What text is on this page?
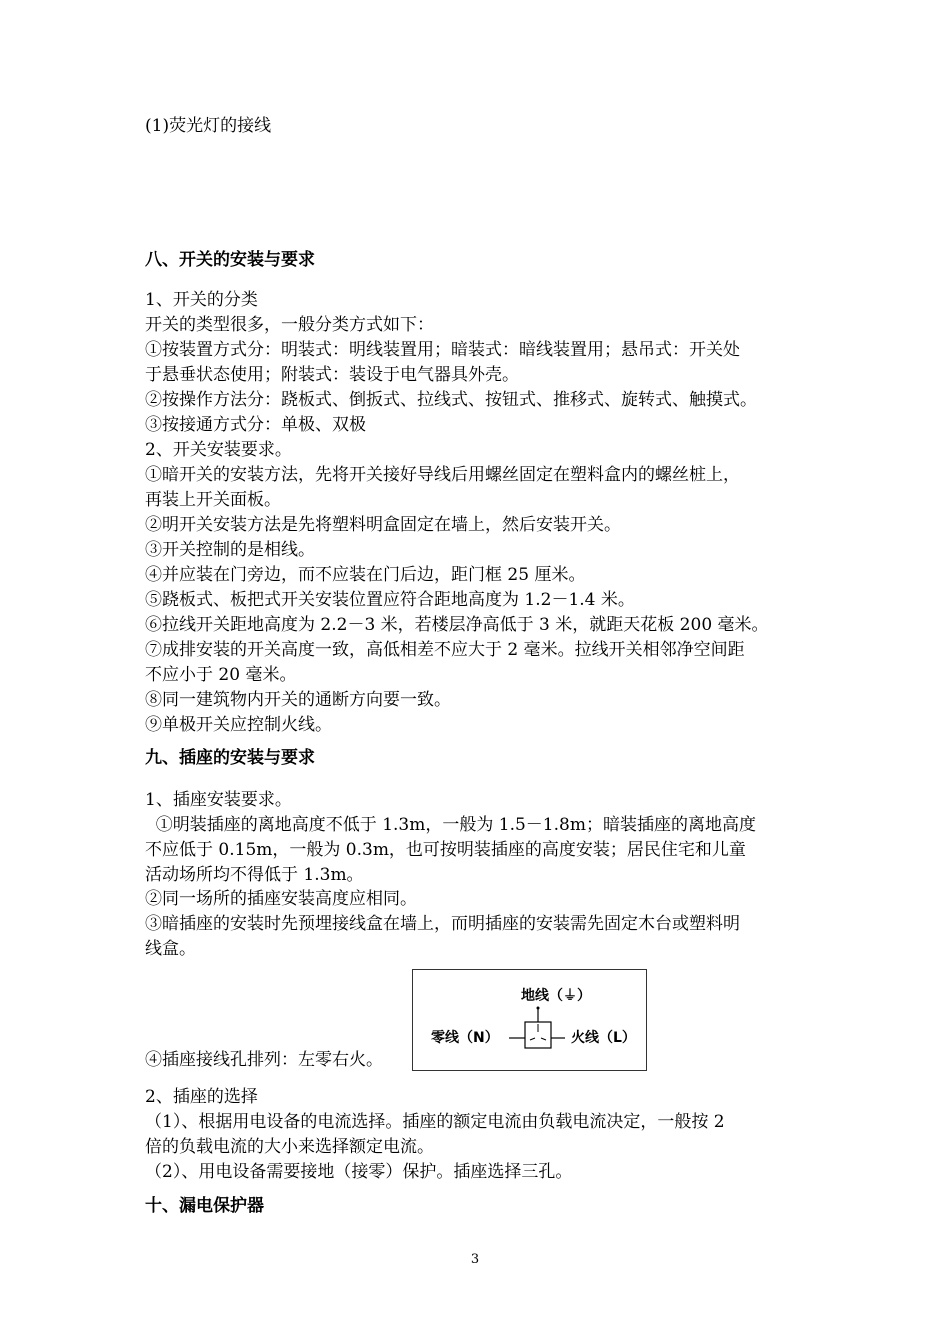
(1)荧光灯的接线
八、开关的安装与要求
1、开关的分类
开关的类型很多，一般分类方式如下：
①按装置方式分：明装式：明线装置用；暗装式：暗线装置用；悬吊式：开关处
于悬垂状态使用；附装式：装设于电气器具外壳。
②按操作方法分：跷板式、倒扳式、拉线式、按钮式、推移式、旋转式、触摸式。
③按接通方式分：单极、双极
2、开关安装要求。
①暗开关的安装方法，先将开关接好导线后用螺丝固定在塑料盒内的螺丝桩上，
再装上开关面板。
②明开关安装方法是先将塑料明盒固定在墙上，然后安装开关。
③开关控制的是相线。
④并应装在门旁边，而不应装在门后边，距门框 25 厘米。
⑤跷板式、板把式开关安装位置应符合距地高度为 1.2－1.4 米。
⑥拉线开关距地高度为 2.2－3 米，若楼层净高低于 3 米，就距天花板 200 毫米。
⑦成排安装的开关高度一致，高低相差不应大于 2 毫米。拉线开关相邻净空间距
不应小于 20 毫米。
⑧同一建筑物内开关的通断方向要一致。
⑨单极开关应控制火线。
九、插座的安装与要求
1、插座安装要求。
①明装插座的离地高度不低于 1.3m，一般为 1.5－1.8m；暗装插座的离地高度
不应低于 0.15m，一般为 0.3m，也可按明装插座的高度安装；居民住宅和儿童
活动场所均不得低于 1.3m。
②同一场所的插座安装高度应相同。
③暗插座的安装时先预埋接线盒在墙上，而明插座的安装需先固定木台或塑料明
线盒。
④插座接线孔排列：左零右火。
地线（⏚）
零线（N）	火线（L）
2、插座的选择
（1）、根据用电设备的电流选择。插座的额定电流由负载电流决定，一般按 2
倍的负载电流的大小来选择额定电流。
（2）、用电设备需要接地（接零）保护。插座选择三孔。
十、漏电保护器
3
